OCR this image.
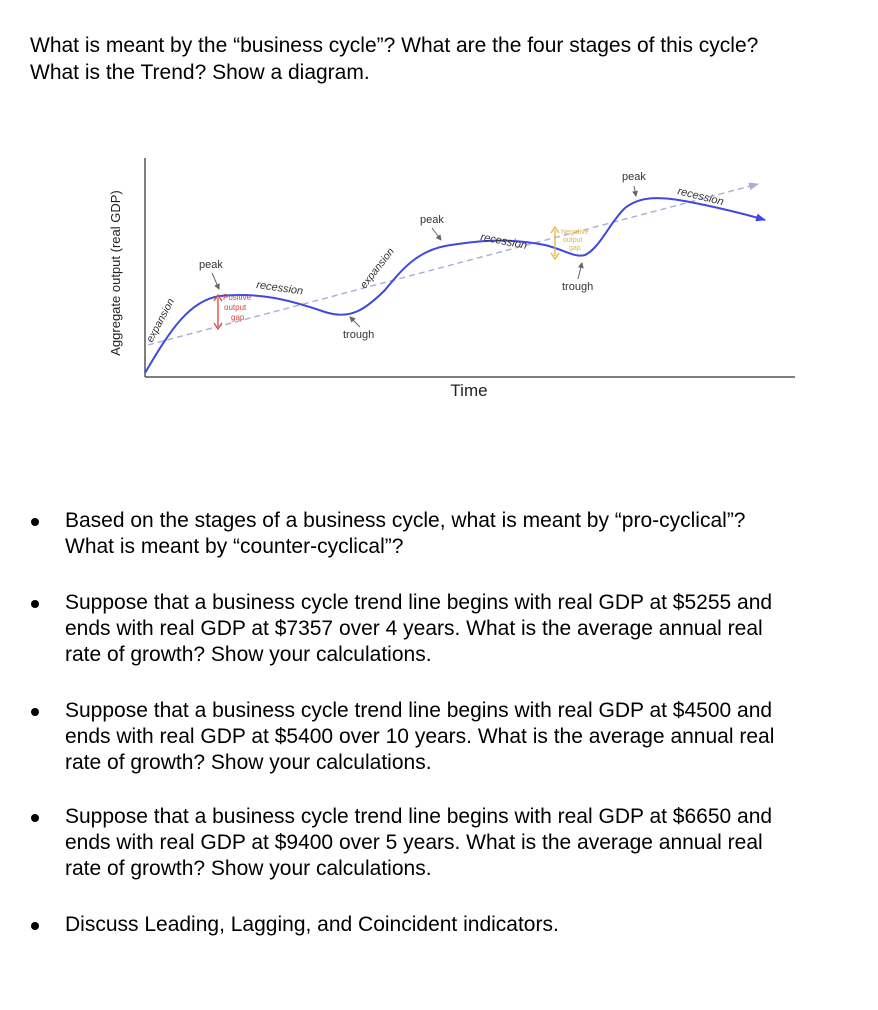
What is meant by the “business cycle”? What are the four stages of this cycle?
What is the Trend? Show a diagram.
Positive
output
gap
Negative
output
gap
peak
peak
peak
trough
trough
expansion
recession	expansion
recession
recession
Aggregate output (real GDP)
Time
Based on the stages of a business cycle, what is meant by “pro-cyclical”?
What is meant by “counter-cyclical”?
Suppose that a business cycle trend line begins with real GDP at $5255 and
ends with real GDP at $7357 over 4 years. What is the average annual real
rate of growth? Show your calculations.
Suppose that a business cycle trend line begins with real GDP at $4500 and
ends with real GDP at $5400 over 10 years. What is the average annual real
rate of growth? Show your calculations.
Suppose that a business cycle trend line begins with real GDP at $6650 and
ends with real GDP at $9400 over 5 years. What is the average annual real
rate of growth? Show your calculations.
Discuss Leading, Lagging, and Coincident indicators.
